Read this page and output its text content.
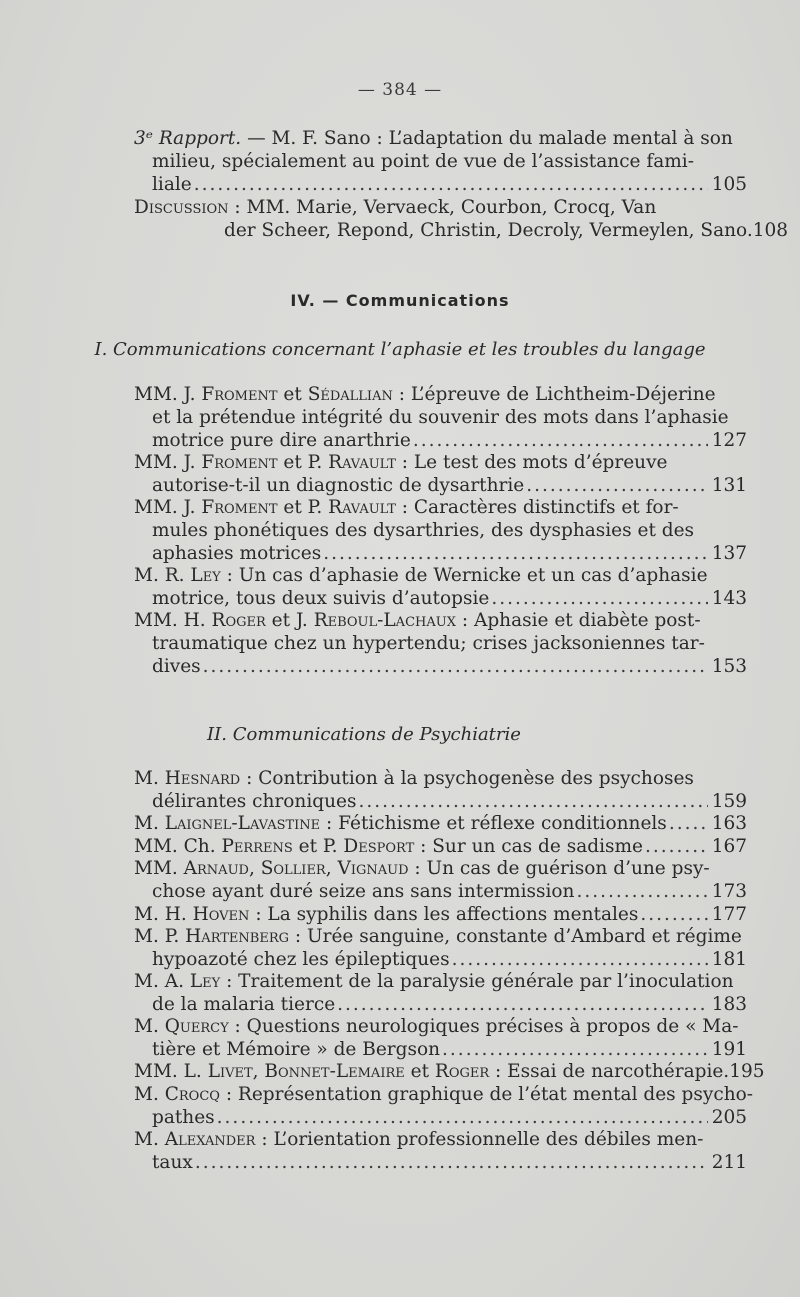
— 384 —
3ᵉ Rapport. — M. F. Sano : L’adaptation du malade mental à son
milieu, spécialement au point de vue de l’assistance fami-
liale .....	105
Discussion : MM. Marie, Vervaeck, Courbon, Crocq, Van
der Scheer, Repond, Christin, Decroly, Vermeylen, Sano. 108
IV. — Communications
I. Communications concernant l’aphasie et les troubles du langage
MM. J. Froment et Sédallian : L’épreuve de Lichtheim-Déjerine
et la prétendue intégrité du souvenir des mots dans l’aphasie
motrice pure dire anarthrie .....	127
MM. J. Froment et P. Ravault : Le test des mots d’épreuve
autorise-t-il un diagnostic de dysarthrie .....	131
MM. J. Froment et P. Ravault : Caractères distinctifs et for-
mules phonétiques des dysarthries, des dysphasies et des
aphasies motrices .....	137
M. R. Ley : Un cas d’aphasie de Wernicke et un cas d’aphasie
motrice, tous deux suivis d’autopsie .....	143
MM. H. Roger et J. Reboul-Lachaux : Aphasie et diabète post-
traumatique chez un hypertendu; crises jacksoniennes tar-
dives .....	153
II. Communications de Psychiatrie
M. Hesnard : Contribution à la psychogenèse des psychoses
délirantes chroniques .....	159
M. Laignel-Lavastine : Fétichisme et réflexe conditionnels ..... 163
MM. Ch. Perrens et P. Desport : Sur un cas de sadisme .....	167
MM. Arnaud, Sollier, Vignaud : Un cas de guérison d’une psy-
chose ayant duré seize ans sans intermission .....	173
M. H. Hoven : La syphilis dans les affections mentales .....	177
M. P. Hartenberg : Urée sanguine, constante d’Ambard et régime
hypoazoté chez les épileptiques .....	181
M. A. Ley : Traitement de la paralysie générale par l’inoculation
de la malaria tierce .....	183
M. Quercy : Questions neurologiques précises à propos de « Ma-
tière et Mémoire » de Bergson .....	191
MM. L. Livet, Bonnet-Lemaire et Roger : Essai de narcothérapie. 195
M. Crocq : Représentation graphique de l’état mental des psycho-
pathes .....	205
M. Alexander : L’orientation professionnelle des débiles men-
taux .....	211
